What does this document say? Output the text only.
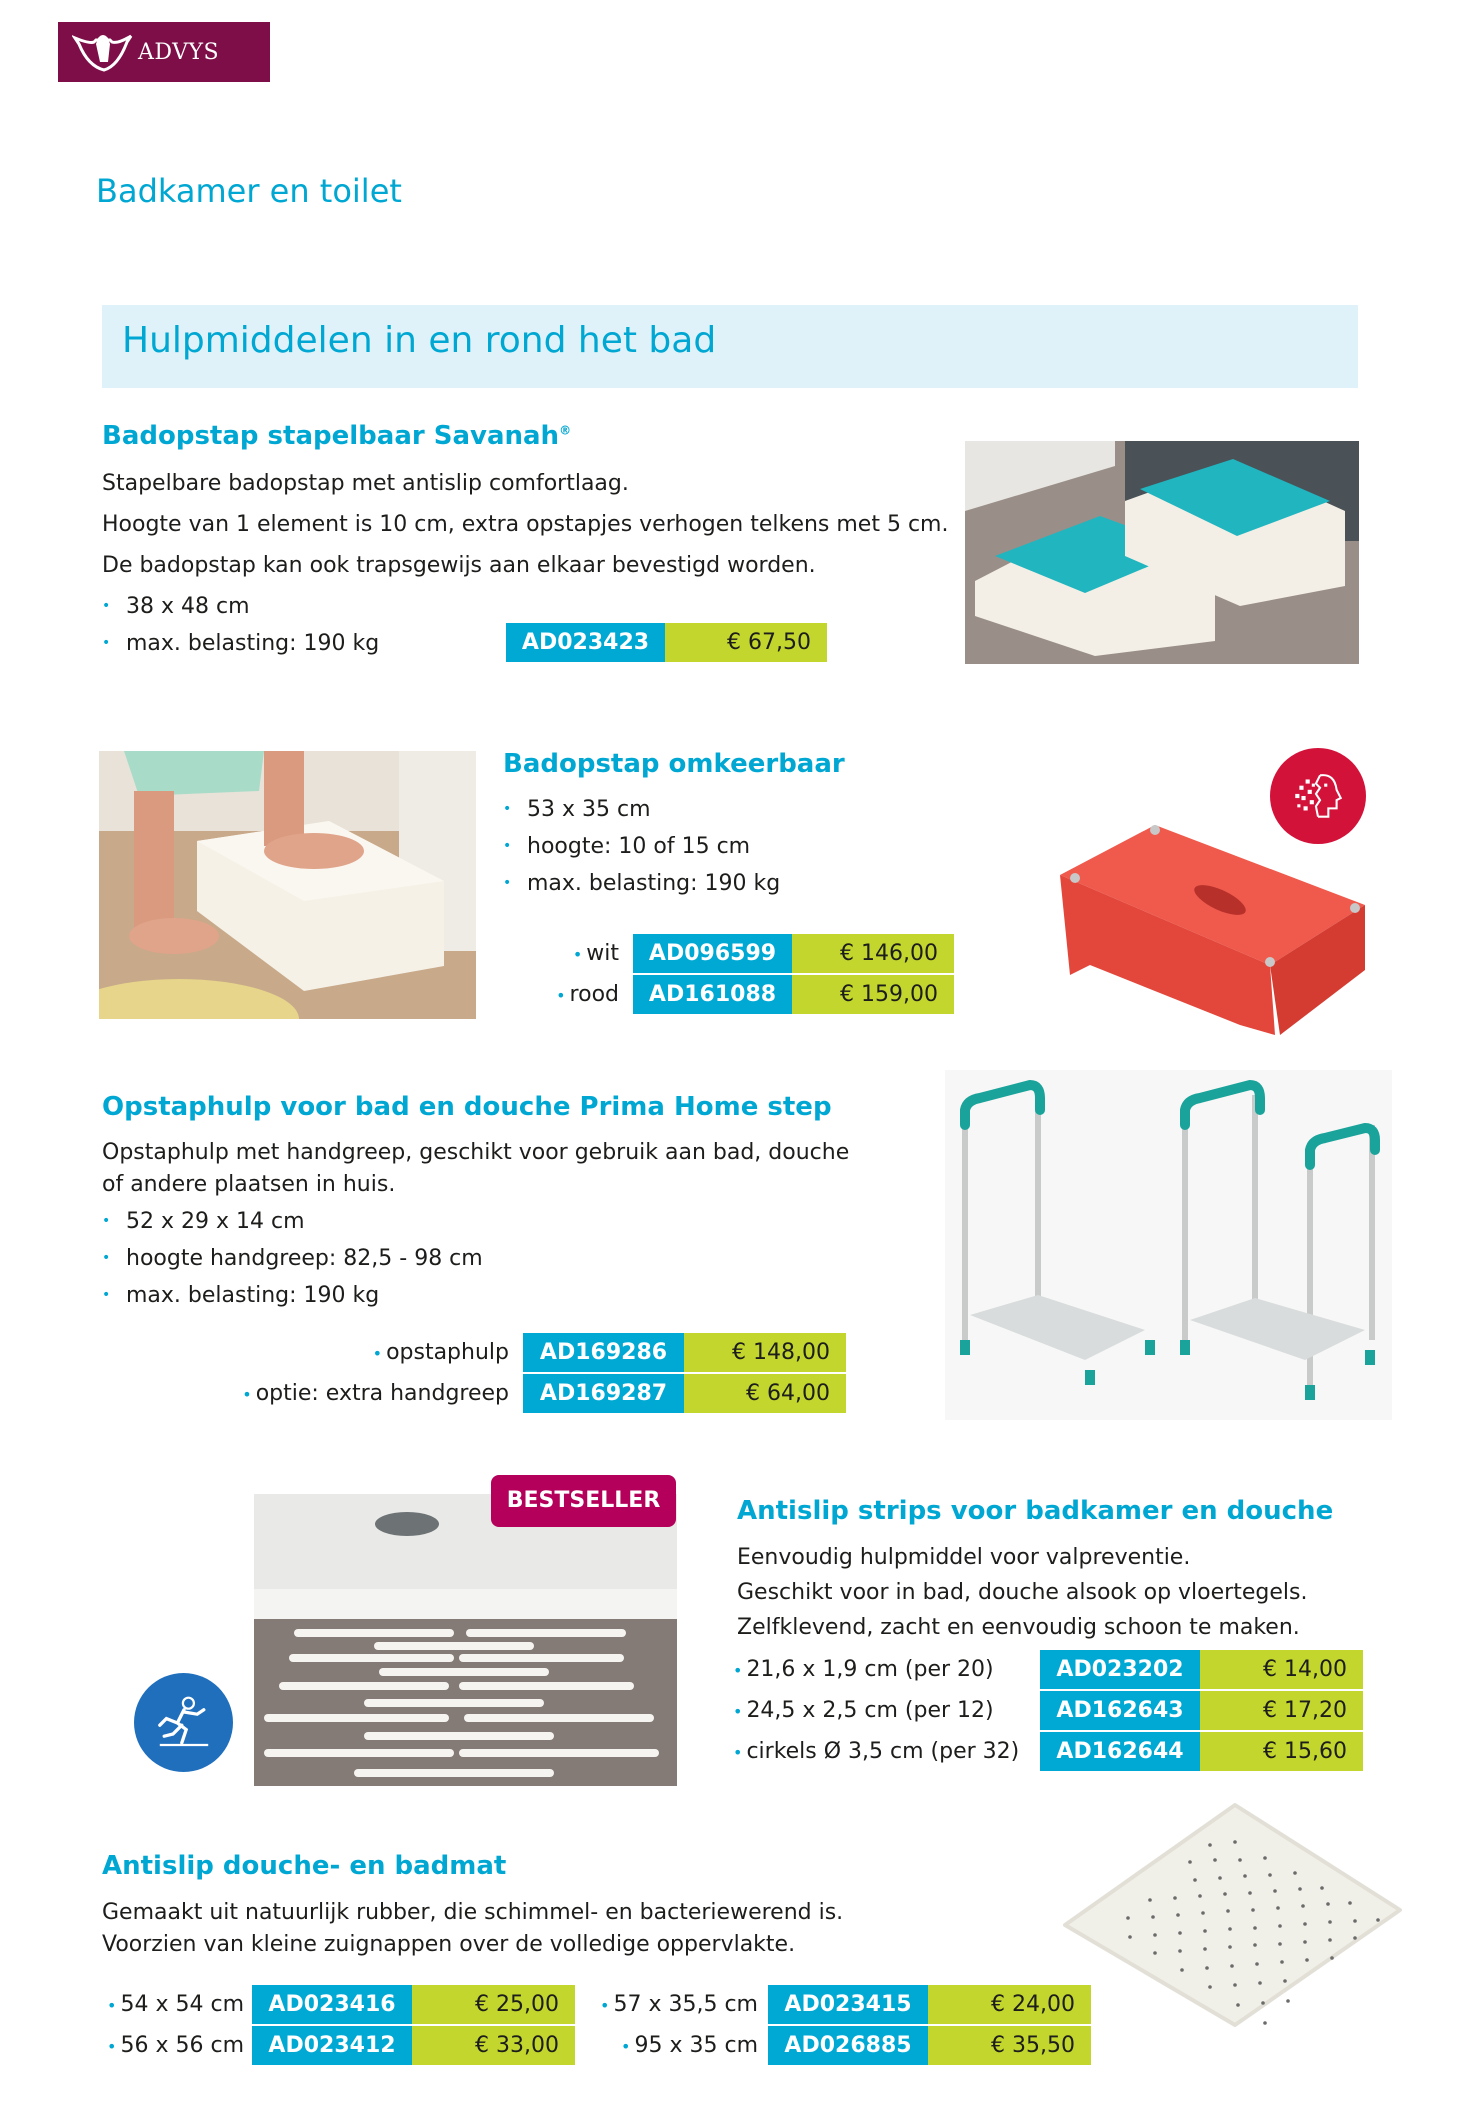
ADVYS
Badkamer en toilet
Hulpmiddelen in en rond het bad
Badopstap stapelbaar Savanah®
Stapelbare badopstap met antislip comfortlaag.
Hoogte van 1 element is 10 cm, extra opstapjes verhogen telkens met 5 cm.
De badopstap kan ook trapsgewijs aan elkaar bevestigd worden.
• 38 x 48 cm
• max. belasting: 190 kg	AD023423	€ 67,50
Badopstap omkeerbaar
• 53 x 35 cm
• hoogte: 10 of 15 cm
• max. belasting: 190 kg
• wit	AD096599	€ 146,00
• rood	AD161088	€ 159,00
Opstaphulp voor bad en douche Prima Home step
Opstaphulp met handgreep, geschikt voor gebruik aan bad, douche
of andere plaatsen in huis.
• 52 x 29 x 14 cm
• hoogte handgreep: 82,5 - 98 cm
• max. belasting: 190 kg
• opstaphulp	AD169286	€ 148,00
• optie: extra handgreep	AD169287	€ 64,00
BESTSELLER	Antislip strips voor badkamer en douche
Eenvoudig hulpmiddel voor valpreventie.
Geschikt voor in bad, douche alsook op vloertegels.
Zelfklevend, zacht en eenvoudig schoon te maken.
• 21,6 x 1,9 cm (per 20)	AD023202	€ 14,00
• 24,5 x 2,5 cm (per 12)	AD162643	€ 17,20
• cirkels Ø 3,5 cm (per 32)	AD162644	€ 15,60
Antislip douche- en badmat
Gemaakt uit natuurlijk rubber, die schimmel- en bacteriewerend is.
Voorzien van kleine zuignappen over de volledige oppervlakte.
• 54 x 54 cm	AD023416	€ 25,00
• 56 x 56 cm	AD023412	€ 33,00
• 57 x 35,5 cm	AD023415	€ 24,00
• 95 x 35 cm	AD026885	€ 35,50
